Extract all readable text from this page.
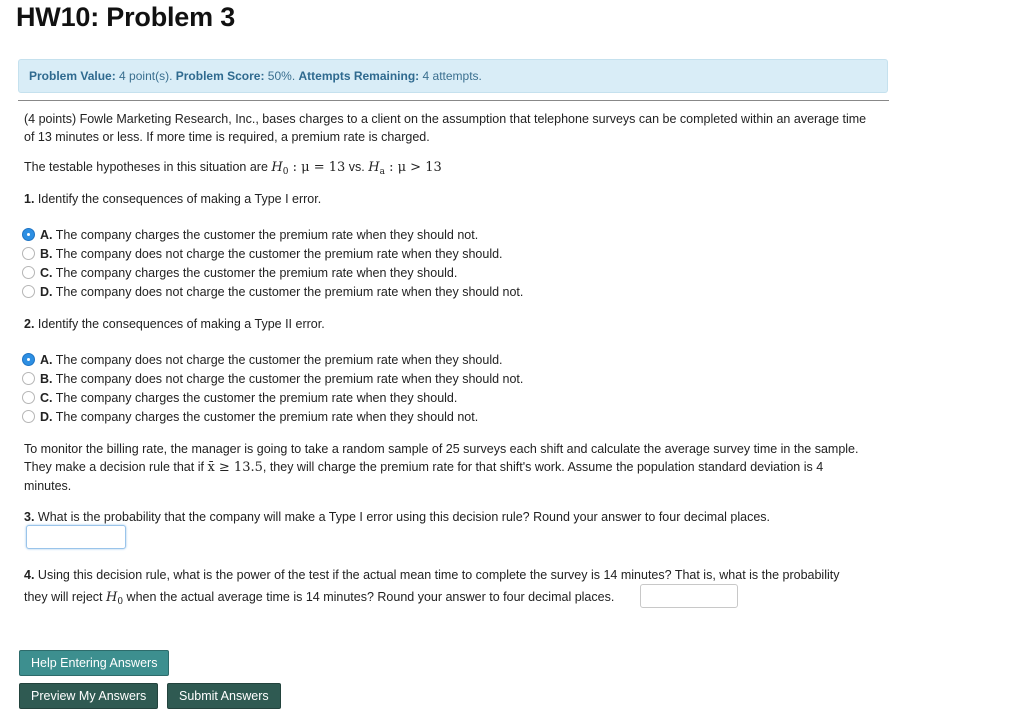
HW10: Problem 3
Problem Value: 4 point(s). Problem Score: 50%. Attempts Remaining: 4 attempts.

(4 points) Fowle Marketing Research, Inc., bases charges to a client on the assumption that telephone surveys can be completed within an average time of 13 minutes or less. If more time is required, a premium rate is charged.

The testable hypotheses in this situation are $H_0$ : μ = 13 vs. $H_a$ : μ > 13

1. Identify the consequences of making a Type I error.

A. The company charges the customer the premium rate when they should not.
B. The company does not charge the customer the premium rate when they should.
C. The company charges the customer the premium rate when they should.
D. The company does not charge the customer the premium rate when they should not.

2. Identify the consequences of making a Type II error.

A. The company does not charge the customer the premium rate when they should.
B. The company does not charge the customer the premium rate when they should not.
C. The company charges the customer the premium rate when they should.
D. The company charges the customer the premium rate when they should not.

To monitor the billing rate, the manager is going to take a random sample of 25 surveys each shift and calculate the average survey time in the sample.
They make a decision rule that if x̄ ≥ 13.5, they will charge the premium rate for that shift's work. Assume the population standard deviation is 4
minutes.

3. What is the probability that the company will make a Type I error using this decision rule? Round your answer to four decimal places.

4. Using this decision rule, what is the power of the test if the actual mean time to complete the survey is 14 minutes? That is, what is the probability

they will reject $H_0$ when the actual average time is 14 minutes? Round your answer to four decimal places.

Help Entering Answers
Preview My Answers	Submit Answers
